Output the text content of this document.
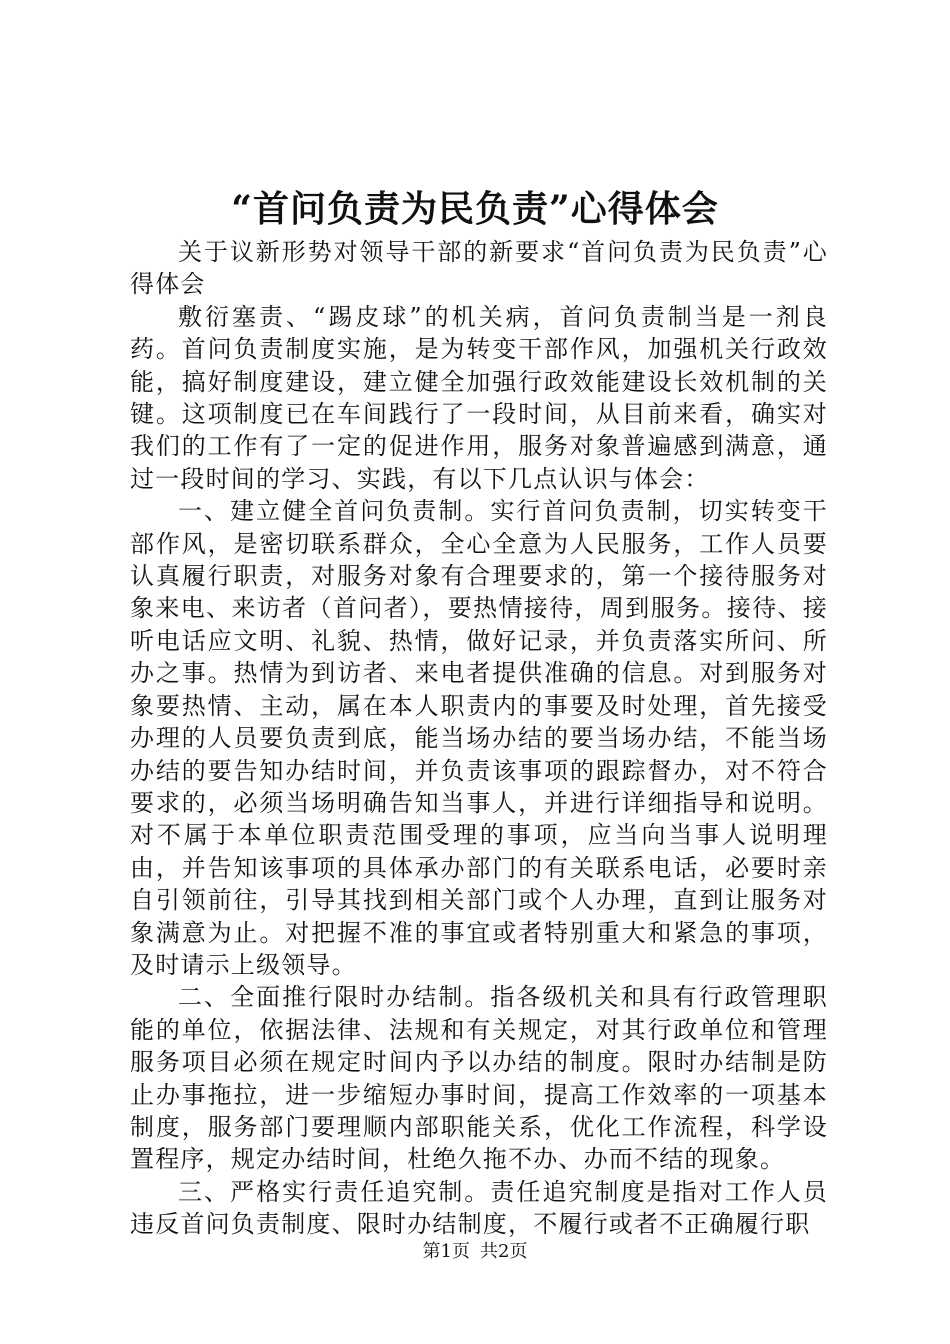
“首问负责为民负责”心得体会

关于议新形势对领导干部的新要求“首问负责为民负责”心得体会

敷衍塞责、“踢皮球”的机关病，首问负责制当是一剂良药。首问负责制度实施，是为转变干部作风，加强机关行政效能，搞好制度建设，建立健全加强行政效能建设长效机制的关键。这项制度已在车间践行了一段时间，从目前来看，确实对我们的工作有了一定的促进作用，服务对象普遍感到满意，通过一段时间的学习、实践，有以下几点认识与体会：

一、建立健全首问负责制。实行首问负责制，切实转变干部作风，是密切联系群众，全心全意为人民服务，工作人员要认真履行职责，对服务对象有合理要求的，第一个接待服务对象来电、来访者（首问者），要热情接待，周到服务。接待、接听电话应文明、礼貌、热情，做好记录，并负责落实所问、所办之事。热情为到访者、来电者提供准确的信息。对到服务对象要热情、主动，属在本人职责内的事要及时处理，首先接受办理的人员要负责到底，能当场办结的要当场办结，不能当场办结的要告知办结时间，并负责该事项的跟踪督办，对不符合要求的，必须当场明确告知当事人，并进行详细指导和说明。对不属于本单位职责范围受理的事项，应当向当事人说明理由，并告知该事项的具体承办部门的有关联系电话，必要时亲自引领前往，引导其找到相关部门或个人办理，直到让服务对象满意为止。对把握不准的事宜或者特别重大和紧急的事项，及时请示上级领导。

二、全面推行限时办结制。指各级机关和具有行政管理职能的单位，依据法律、法规和有关规定，对其行政单位和管理服务项目必须在规定时间内予以办结的制度。限时办结制是防止办事拖拉，进一步缩短办事时间，提高工作效率的一项基本制度，服务部门要理顺内部职能关系，优化工作流程，科学设置程序，规定办结时间，杜绝久拖不办、办而不结的现象。

三、严格实行责任追究制。责任追究制度是指对工作人员违反首问负责制度、限时办结制度，不履行或者不正确履行职

第1页 共2页
